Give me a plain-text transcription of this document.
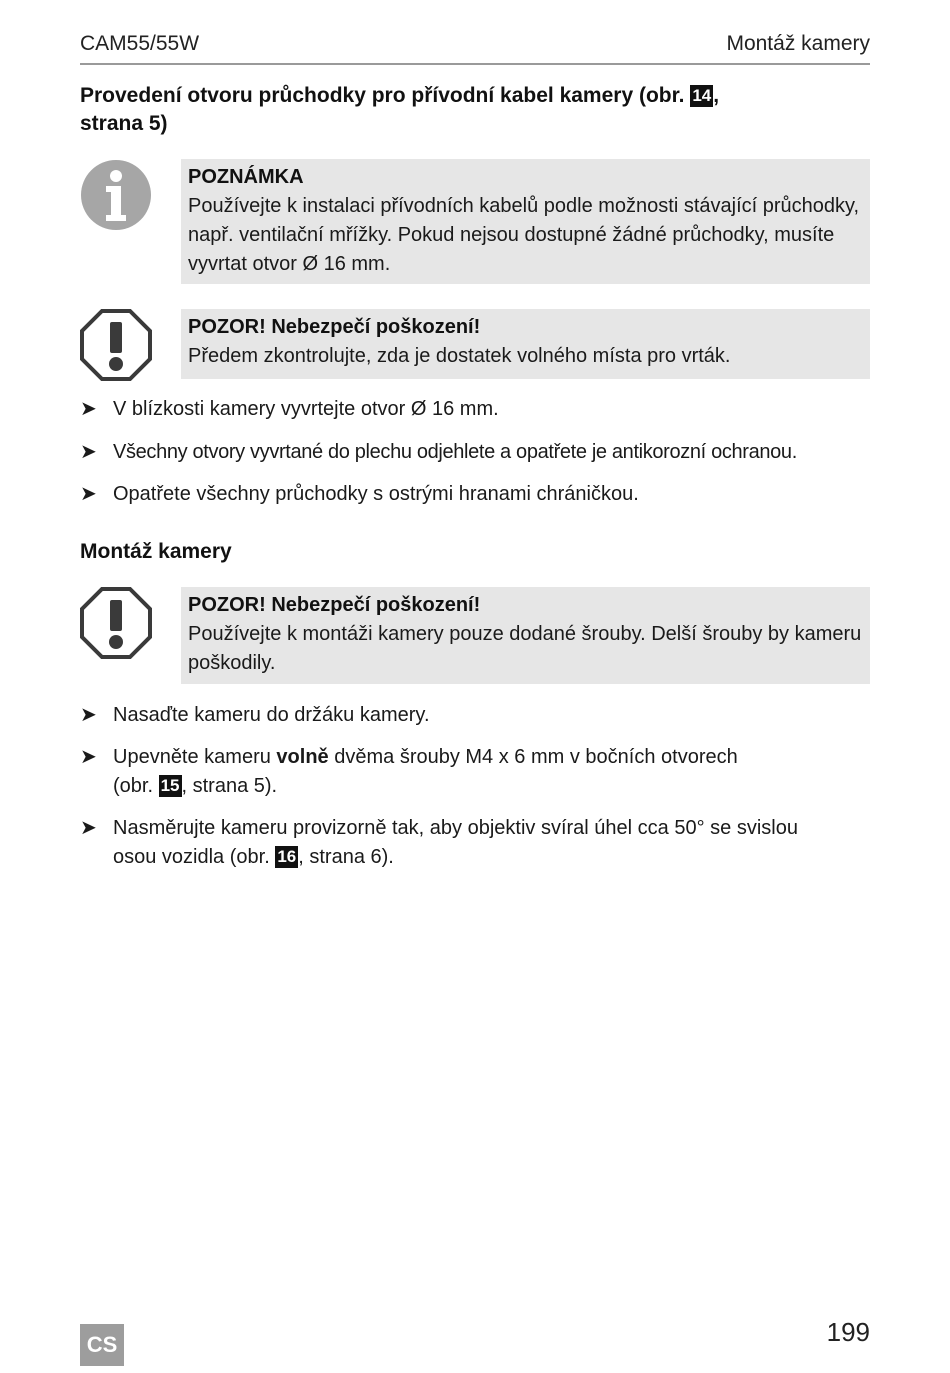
CAM55/55W	Montáž kamery
Provedení otvoru průchodky pro přívodní kabel kamery (obr. 14,
strana 5)
POZNÁMKA
Používejte k instalaci přívodních kabelů podle možnosti stávající průchodky, např. ventilační mřížky. Pokud nejsou dostupné žádné průchodky, musíte vyvrtat otvor Ø 16 mm.
POZOR! Nebezpečí poškození!
Předem zkontrolujte, zda je dostatek volného místa pro vrták.
➤ V blízkosti kamery vyvrtejte otvor Ø 16 mm.
➤ Všechny otvory vyvrtané do plechu odjehlete a opatřete je antikorozní ochranou.
➤ Opatřete všechny průchodky s ostrými hranami chráničkou.
Montáž kamery
POZOR! Nebezpečí poškození!
Používejte k montáži kamery pouze dodané šrouby. Delší šrouby by kameru poškodily.
➤ Nasaďte kameru do držáku kamery.
➤ Upevněte kameru volně dvěma šrouby M4 x 6 mm v bočních otvorech
(obr. 15 , strana 5).
➤ Nasměrujte kameru provizorně tak, aby objektiv svíral úhel cca 50° se svislou
osou vozidla (obr. 16 , strana 6).
CS	199
